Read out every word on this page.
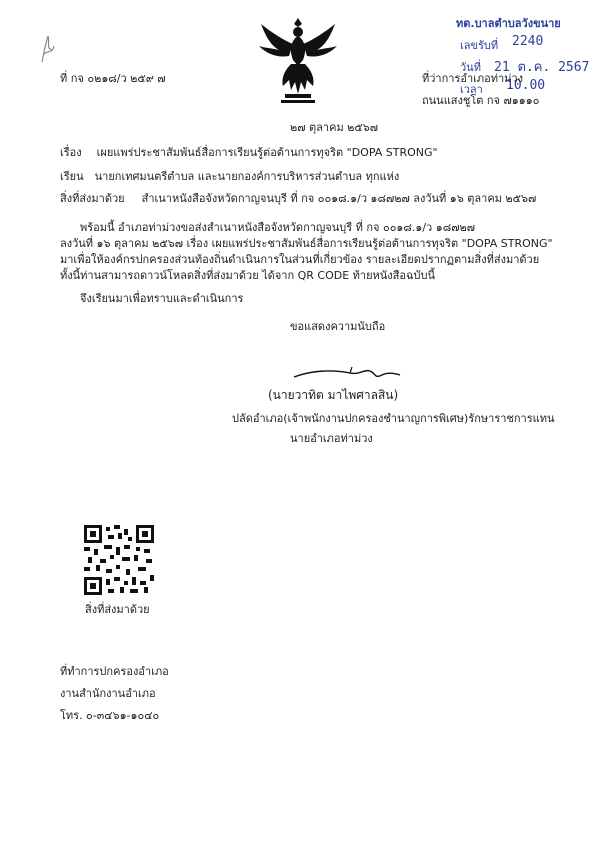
ทต.บาลตำบลวังขนาย
เลขรับที่ 2240
วันที่ 21 ต.ค. 2567
เวลา 10.00
ที่ กจ ๐๒๑๘/ว ๒๕๙ ๗	ที่ว่าการอำเภอท่าม่วง
ถนนแสงชูโต กจ ๗๑๑๑๐
๒๗ ตุลาคม ๒๕๖๗
เรื่อง เผยแพร่ประชาสัมพันธ์สื่อการเรียนรู้ต่อต้านการทุจริต "DOPA STRONG"
เรียน นายกเทศมนตรีตำบล และนายกองค์การบริหารส่วนตำบล ทุกแห่ง
สิ่งที่ส่งมาด้วย สำเนาหนังสือจังหวัดกาญจนบุรี ที่ กจ ๐๐๑๘.๑/ว ๑๘๗๒๗ ลงวันที่ ๑๖ ตุลาคม ๒๕๖๗
พร้อมนี้ อำเภอท่าม่วงขอส่งสำเนาหนังสือจังหวัดกาญจนบุรี ที่ กจ ๐๐๑๘.๑/ว ๑๘๗๒๗
ลงวันที่ ๑๖ ตุลาคม ๒๕๖๗ เรื่อง เผยแพร่ประชาสัมพันธ์สื่อการเรียนรู้ต่อต้านการทุจริต "DOPA STRONG"
มาเพื่อให้องค์กรปกครองส่วนท้องถิ่นดำเนินการในส่วนที่เกี่ยวข้อง รายละเอียดปรากฏตามสิ่งที่ส่งมาด้วย
ทั้งนี้ท่านสามารถดาวน์โหลดสิ่งที่ส่งมาด้วย ได้จาก QR CODE ท้ายหนังสือฉบับนี้
จึงเรียนมาเพื่อทราบและดำเนินการ
ขอแสดงความนับถือ
(นายวาทิต มาไพศาลสิน)
ปลัดอำเภอ(เจ้าพนักงานปกครองชำนาญการพิเศษ)รักษาราชการแทน
นายอำเภอท่าม่วง
สิ่งที่ส่งมาด้วย
ที่ทำการปกครองอำเภอ
งานสำนักงานอำเภอ
โทร. ๐-๓๔๖๑-๑๐๔๐
